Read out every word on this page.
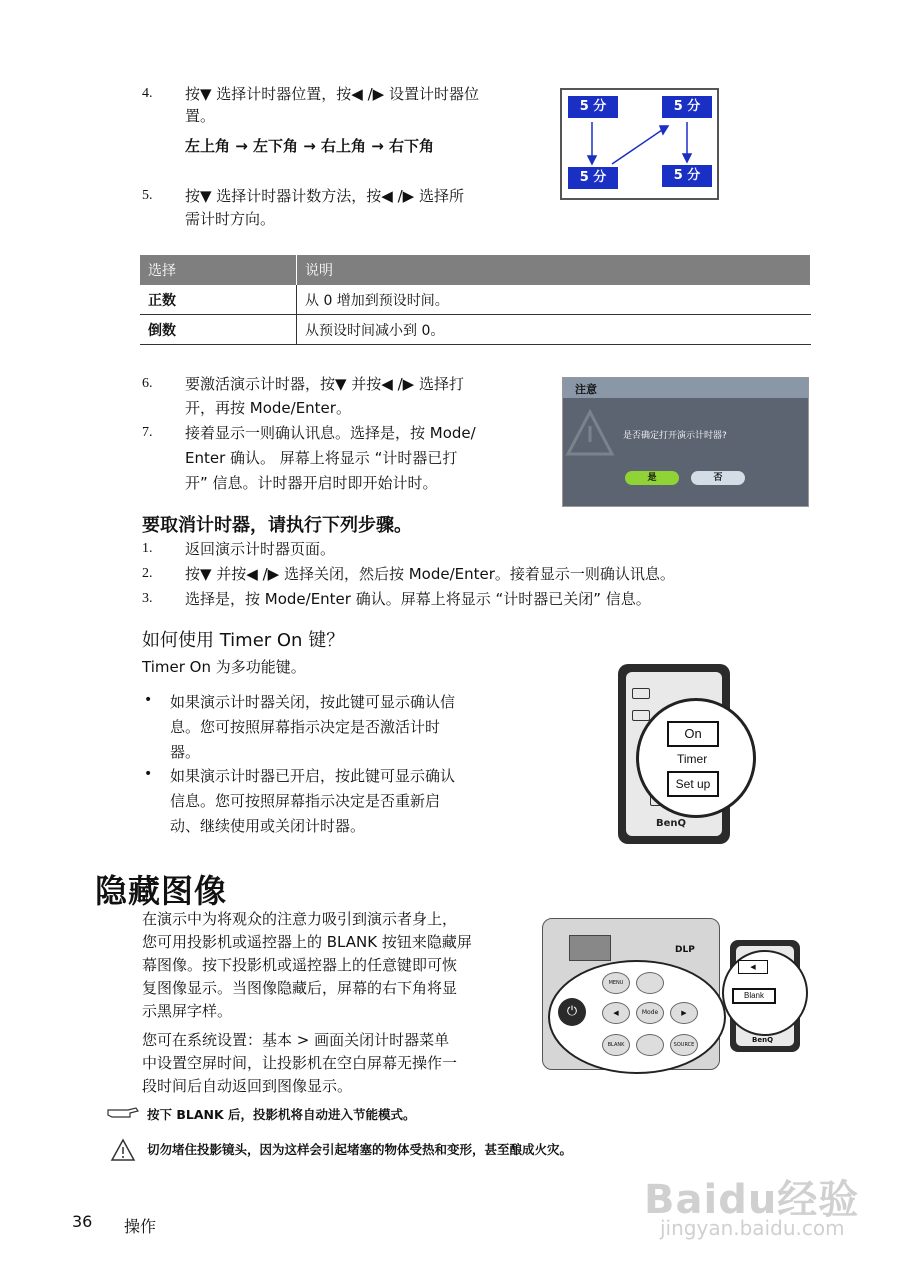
4. 按▼ 选择计时器位置，按◀ /▶ 设置计时器位
置。
左上角 → 左下角 → 右上角 → 右下角
5 分	5 分
5 分	5 分
5. 按▼ 选择计时器计数方法，按◀ /▶ 选择所
需计时方向。
选择	说明
正数	从 0 增加到预设时间。
倒数	从预设时间减小到 0。
6. 要激活演示计时器，按▼ 并按◀ /▶ 选择打
开，再按 Mode/Enter。
7. 接着显示一则确认讯息。选择是，按 Mode/
Enter 确认。 屏幕上将显示 “计时器已打
开” 信息。计时器开启时即开始计时。
注意
是否确定打开演示计时器?
是	否
要取消计时器，请执行下列步骤。
1. 返回演示计时器页面。
2. 按▼ 并按◀ /▶ 选择关闭，然后按 Mode/Enter。接着显示一则确认讯息。
3. 选择是，按 Mode/Enter 确认。屏幕上将显示 “计时器已关闭” 信息。
如何使用 Timer On 键？
Timer On 为多功能键。
• 如果演示计时器关闭，按此键可显示确认信
息。您可按照屏幕指示决定是否激活计时
器。
• 如果演示计时器已开启，按此键可显示确认
信息。您可按照屏幕指示决定是否重新启
动、继续使用或关闭计时器。	BenQ
On
Timer
Set up
隐藏图像
在演示中为将观众的注意力吸引到演示者身上，
您可用投影机或遥控器上的 BLANK 按钮来隐藏屏
幕图像。按下投影机或遥控器上的任意键即可恢
复图像显示。当图像隐藏后，屏幕的右下角将显
示黑屏字样。
您可在系统设置：基本 > 画面关闭计时器菜单
中设置空屏时间，让投影机在空白屏幕无操作一
段时间后自动返回到图像显示。
DLP
⏻
MENU
◀	Mode	▶
BLANK	SOURCE
BenQ
◀
Blank
按下 BLANK 后，投影机将自动进入节能模式。
切勿堵住投影镜头，因为这样会引起堵塞的物体受热和变形，甚至酿成火灾。
36 操作
Baidu经验
jingyan.baidu.com
